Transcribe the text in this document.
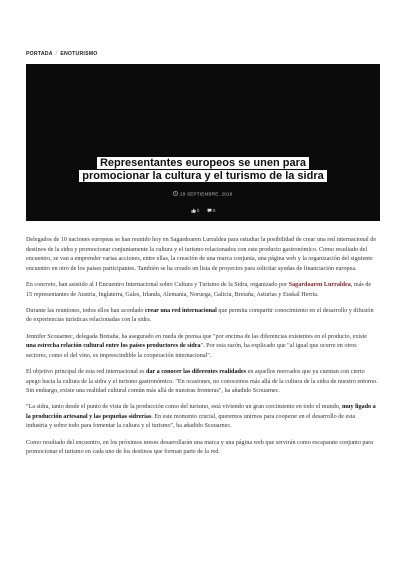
PORTADA / ENOTURISMO
Representantes europeos se unen para
promocionar la cultura y el turismo de la sidra
29 SEPTIEMBRE, 2018
0	0

Delegados de 10 naciones europeas se han reunido hoy en Sagardoaren Lurraldea para estudiar la posibilidad de crear una red internacional de destinos de la sidra y promocionar conjuntamente la cultura y el turismo relacionados con este producto gastronómico. Como resultado del encuentro, se van a emprender varias acciones, entre ellas, la creación de una marca conjunta, una página web y la organización del siguiente encuentro en otro de los países participantes. También se ha creado un lista de proyectos para solicitar ayudas de financiación europea.

En concreto, han asistido al I Encuentro Internacional sobre Cultura y Turismo de la Sidra, organizado por Sagardoaren Lurraldea, más de 15 representantes de Austria, Inglaterra, Gales, Irlanda, Alemania, Noruega, Galicia, Bretaña, Asturias y Euskal Herria.

Durante las reuniones, todos ellos han acordado crear una red internacional que permita compartir conocimiento en el desarrollo y difusión de experiencias turísticas relacionadas con la sidra.

Jennifer Scouarnec, delegada Bretaña, ha asegurado en rueda de prensa que "por encima de las diferencias existentes en el producto, existe una estrecha relación cultural entre los países productores de sidra". Por esta razón, ha explicado que "al igual que ocurre en otros sectores, como el del vino, es imprescindible la cooperación internacional".

El objetivo principal de esta red internacional es dar a conocer las diferentes realidades en aquellos mercados que ya cuentan con cierto apego hacia la cultura de la sidra y el turismo gastronómico. "En ocasiones, no conocemos más allá de la cultura de la sidra de nuestro entorno. Sin embargo, existe una realidad cultural común más allá de nuestras fronteras", ha añadido Scouarnec.

"La sidra, tanto desde el punto de vista de la producción como del turismo, está viviendo un gran crecimiento en todo el mundo, muy ligado a la producción artesanal y las pequeñas sidrerías. En este momento crucial, queremos unirnos para cooperar en el desarrollo de esta industria y sobre todo para fomentar la cultura y el turismo", ha añadido Scouarnec.

Como resultado del encuentro, en los próximos meses desarrollarán una marca y una página web que servirán como escaparate conjunto para promocionar el turismo en cada uno de los destinos que forman parte de la red.
